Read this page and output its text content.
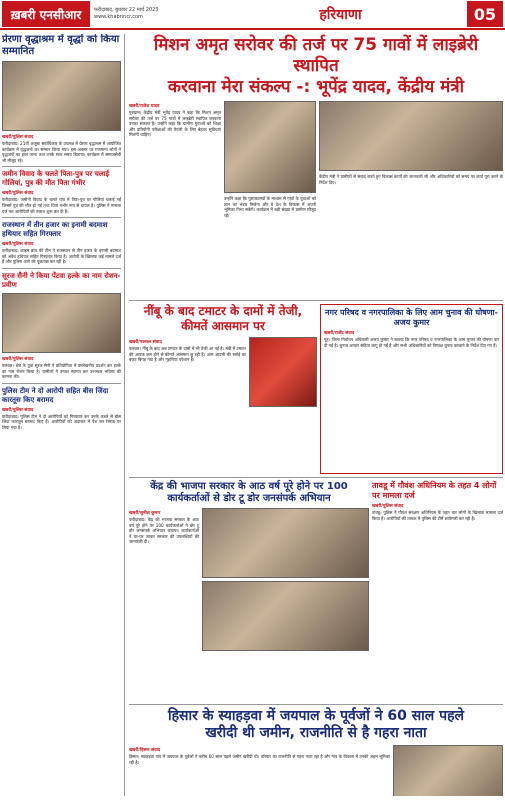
ख़बरी एनसीआर	फरीदाबाद, बुधवार 22 मार्च 2023
www.khabrincr.com	हरियाणा	05
प्रेरणा वृद्धाश्रम में वृद्धों को किया सम्मानित
खबरी/पुलिस संवाद
फरीदाबाद। 21वीं अजूबा सर्वाधिकार के उपलक्ष में प्रेरणा वृद्धाश्रम में आयोजित कार्यक्रम में वृद्धजनों का सम्मान किया गया। इस अवसर पर गणमान्य लोगों ने वृद्धजनों का हाल जाना तथा उनके साथ समय बिताया। कार्यक्रम में समाजसेवी भी मौजूद रहे।
जमीन विवाद के चलते पिता-पुत्र पर चलाई गोलियां, पुत्र की मौत पिता गंभीर
खबरी/पुलिस संवाद
फरीदाबाद। जमीनी विवाद के चलते गांव में पिता-पुत्र पर गोलियां चलाई गईं जिसमें पुत्र की मौत हो गई तथा पिता गंभीर रूप से घायल है। पुलिस ने मामला दर्ज कर आरोपियों की तलाश शुरू कर दी है।
राजस्थान में तीन हजार का इनामी बदमाश हथियार सहित गिरफ्तार
खबरी/पुलिस संवाद
फरीदाबाद। क्राइम ब्रांच की टीम ने राजस्थान से तीन हजार के इनामी बदमाश को अवैध हथियार सहित गिरफ्तार किया है। आरोपी के खिलाफ कई मामले दर्ज हैं और पुलिस आगे की पूछताछ कर रही है।
सूरज सैनी ने किया पेंटवा हल्के का नाम रोशन-प्रवीण
खबरी/पुलिस संवाद
पलवल। क्षेत्र के युवा सूरज सैनी ने प्रतियोगिता में उल्लेखनीय प्रदर्शन कर हल्के का नाम रोशन किया है। ग्रामीणों ने उनका स्वागत कर उज्ज्वल भविष्य की कामना की।
पुलिस टीम ने दो आरोपी सहित बीस जिंदा कारतूस किए बरामद
खबरी/पुलिस संवाद
फरीदाबाद। पुलिस टीम ने दो आरोपियों को गिरफ्तार कर उनके कब्जे से बीस जिंदा कारतूस बरामद किए हैं। आरोपियों को अदालत में पेश कर रिमांड पर लिया गया है।
मिशन अमृत सरोवर की तर्ज पर 75 गावों में लाइब्रेरी स्थापित
करवाना मेरा संकल्प -: भूपेंद्र यादव, केंद्रीय मंत्री
खबरी/राजेश यादव
गुरुग्राम। केंद्रीय मंत्री भूपेंद्र यादव ने कहा कि मिशन अमृत सरोवर की तर्ज पर 75 गांवों में लाइब्रेरी स्थापित करवाना उनका संकल्प है। उन्होंने कहा कि ग्रामीण युवाओं को शिक्षा और प्रतियोगी परीक्षाओं की तैयारी के लिए बेहतर सुविधाएं मिलनी चाहिए।
उन्होंने कहा कि पुस्तकालयों के माध्यम से गांवों के युवाओं को ज्ञान का भंडार मिलेगा और वे देश के विकास में अपनी भूमिका निभा सकेंगे। कार्यक्रम में बड़ी संख्या में ग्रामीण मौजूद रहे।
केंद्रीय मंत्री ने ग्रामीणों से संवाद करते हुए विकास कार्यों की जानकारी ली और अधिकारियों को समय पर कार्य पूरा करने के निर्देश दिए।
नींबू के बाद टमाटर के दामों में तेजी, कीमतें आसमान पर
खबरी/पलवल संवाद
पलवल। नींबू के बाद अब टमाटर के दामों में भी तेजी आ गई है। मंडी में टमाटर की आवक कम होने से कीमतें आसमान छू रही हैं। आम आदमी की रसोई का बजट बिगड़ गया है और गृहणियां परेशान हैं।
नगर परिषद व नगरपालिका के लिए आम चुनाव की घोषणा-अजय कुमार
खबरी/राजेंद्र संवाद
नूंह। जिला निर्वाचन अधिकारी अजय कुमार ने बताया कि नगर परिषद व नगरपालिका के आम चुनाव की घोषणा कर दी गई है। चुनाव आचार संहिता लागू हो गई है और सभी अधिकारियों को निष्पक्ष चुनाव करवाने के निर्देश दिए गए हैं।
केंद्र की भाजपा सरकार के आठ वर्ष पूरे होने पर 100 कार्यकर्ताओं से डोर टू डोर जनसंपर्क अभियान
खबरी/सुनील कुमार
फरीदाबाद। केंद्र की भाजपा सरकार के आठ वर्ष पूरे होने पर 100 कार्यकर्ताओं ने डोर टू डोर जनसंपर्क अभियान चलाया। कार्यकर्ताओं ने घर-घर जाकर सरकार की उपलब्धियों की जानकारी दी।
तावडू में गौवंश अधिनियम के तहत 4 लोगों पर मामला दर्ज
खबरी/पुलिस संवाद
तावडू। पुलिस ने गौवंश संरक्षण अधिनियम के तहत चार लोगों के खिलाफ मामला दर्ज किया है। आरोपियों की तलाश में पुलिस की टीमें छापेमारी कर रही हैं।
हिसार के स्याहड़वा में जयपाल के पूर्वजों ने 60 साल पहले
खरीदी थी जमीन, राजनीति से है गहरा नाता
खबरी/हिसार संवाद
हिसार। स्याहड़वा गांव में जयपाल के पूर्वजों ने करीब 60 साल पहले जमीन खरीदी थी। परिवार का राजनीति से गहरा नाता रहा है और गांव के विकास में उनकी अहम भूमिका रही है।
